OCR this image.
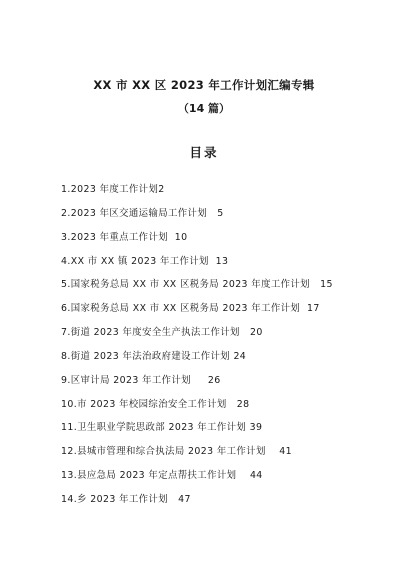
XX 市 XX 区 2023 年工作计划汇编专辑
（14 篇）
目录
1.2023 年度工作计划2
2.2023 年区交通运输局工作计划 5
3.2023 年重点工作计划 10
4.XX 市 XX 镇 2023 年工作计划 13
5.国家税务总局 XX 市 XX 区税务局 2023 年度工作计划 15
6.国家税务总局 XX 市 XX 区税务局 2023 年工作计划 17
7.街道 2023 年度安全生产执法工作计划 20
8.街道 2023 年法治政府建设工作计划 24
9.区审计局 2023 年工作计划 26
10.市 2023 年校园综治安全工作计划 28
11.卫生职业学院思政部 2023 年工作计划 39
12.县城市管理和综合执法局 2023 年工作计划 41
13.县应急局 2023 年定点帮扶工作计划 44
14.乡 2023 年工作计划 47
